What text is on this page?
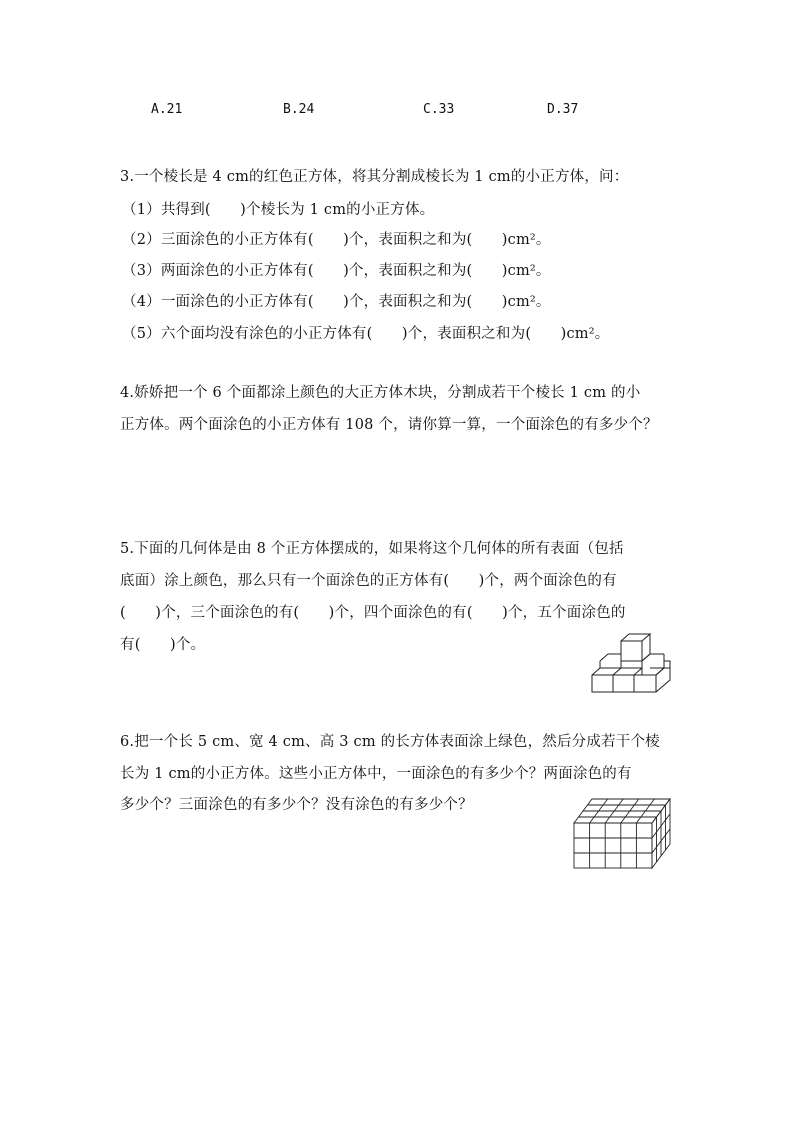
A.21	B.24	C.33	D.37
3.一个棱长是 4 cm的红色正方体，将其分割成棱长为 1 cm的小正方体，问：
（1）共得到(　　)个棱长为 1 cm的小正方体。
（2）三面涂色的小正方体有(　　)个，表面积之和为(　　)cm²。
（3）两面涂色的小正方体有(　　)个，表面积之和为(　　)cm²。
（4）一面涂色的小正方体有(　　)个，表面积之和为(　　)cm²。
（5）六个面均没有涂色的小正方体有(　　)个，表面积之和为(　　)cm²。
4.娇娇把一个 6 个面都涂上颜色的大正方体木块，分割成若干个棱长 1 cm 的小
正方体。两个面涂色的小正方体有 108 个，请你算一算，一个面涂色的有多少个？
5.下面的几何体是由 8 个正方体摆成的，如果将这个几何体的所有表面（包括
底面）涂上颜色，那么只有一个面涂色的正方体有(　　)个，两个面涂色的有
(　　)个，三个面涂色的有(　　)个，四个面涂色的有(　　)个，五个面涂色的
有(　　)个。
6.把一个长 5 cm、宽 4 cm、高 3 cm 的长方体表面涂上绿色，然后分成若干个棱
长为 1 cm的小正方体。这些小正方体中，一面涂色的有多少个？两面涂色的有
多少个？三面涂色的有多少个？没有涂色的有多少个？
